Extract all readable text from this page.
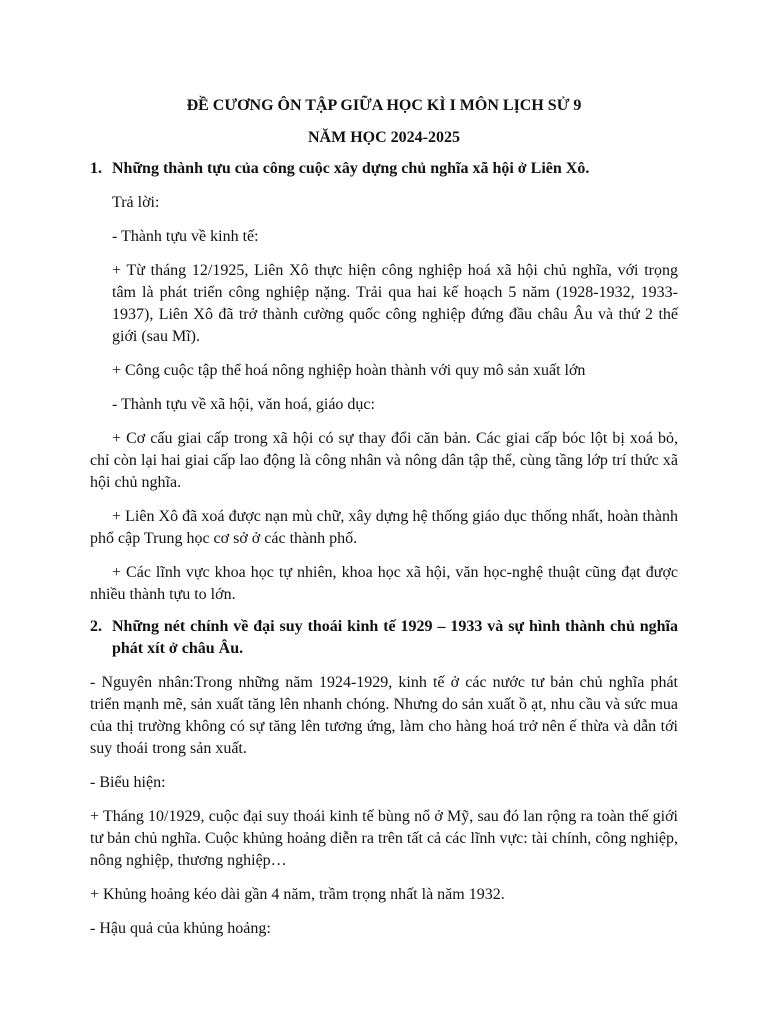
ĐỀ CƯƠNG ÔN TẬP GIỮA HỌC KÌ I MÔN LỊCH SỬ 9
NĂM HỌC 2024-2025
1. Những thành tựu của công cuộc xây dựng chủ nghĩa xã hội ở Liên Xô.

Trả lời:

- Thành tựu về kinh tế:

+ Từ tháng 12/1925, Liên Xô thực hiện công nghiệp hoá xã hội chủ nghĩa, với trọng tâm là phát triển công nghiệp nặng. Trải qua hai kế hoạch 5 năm (1928-1932, 1933-1937), Liên Xô đã trở thành cường quốc công nghiệp đứng đầu châu Âu và thứ 2 thế giới (sau Mĩ).

+ Công cuộc tập thể hoá nông nghiệp hoàn thành với quy mô sản xuất lớn

- Thành tựu về xã hội, văn hoá, giáo dục:

+ Cơ cấu giai cấp trong xã hội có sự thay đổi căn bản. Các giai cấp bóc lột bị xoá bỏ, chỉ còn lại hai giai cấp lao động là công nhân và nông dân tập thể, cùng tầng lớp trí thức xã hội chủ nghĩa.

+ Liên Xô đã xoá được nạn mù chữ, xây dựng hệ thống giáo dục thống nhất, hoàn thành phổ cập Trung học cơ sở ở các thành phố.

+ Các lĩnh vực khoa học tự nhiên, khoa học xã hội, văn học-nghệ thuật cũng đạt được nhiều thành tựu to lớn.

2. Những nét chính về đại suy thoái kinh tế 1929 – 1933 và sự hình thành chủ nghĩa phát xít ở châu Âu.

- Nguyên nhân:Trong những năm 1924-1929, kinh tế ở các nước tư bản chủ nghĩa phát triển mạnh mẽ, sản xuất tăng lên nhanh chóng. Nhưng do sản xuất ồ ạt, nhu cầu và sức mua của thị trường không có sự tăng lên tương ứng, làm cho hàng hoá trở nên ế thừa và dẫn tới suy thoái trong sản xuất.

- Biểu hiện:

+ Tháng 10/1929, cuộc đại suy thoái kinh tế bùng nổ ở Mỹ, sau đó lan rộng ra toàn thế giới tư bản chủ nghĩa. Cuộc khủng hoảng diễn ra trên tất cả các lĩnh vực: tài chính, công nghiệp, nông nghiệp, thương nghiệp…

+ Khủng hoảng kéo dài gần 4 năm, trầm trọng nhất là năm 1932.

- Hậu quả của khủng hoảng:
